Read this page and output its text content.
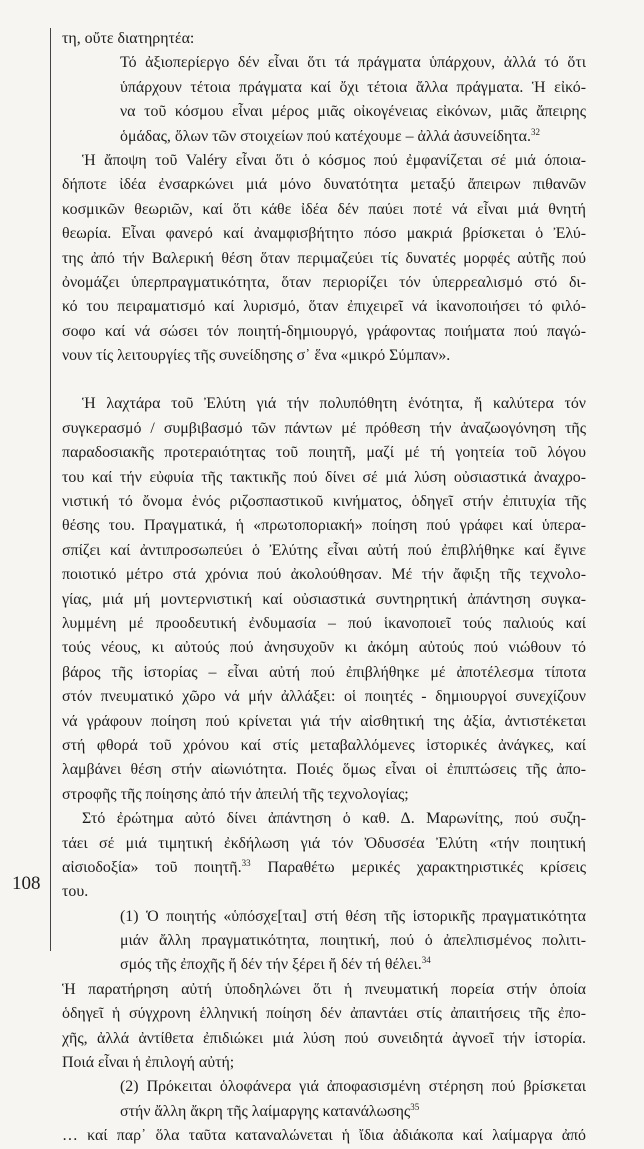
108
τη, οὔτε διατηρητέα:
Τό ἀξιοπερίεργο δέν εἶναι ὅτι τά πράγματα ὑπάρχουν, ἀλλά τό ὅτι
ὑπάρχουν τέτοια πράγματα καί ὄχι τέτοια ἄλλα πράγματα. Ἡ εἰκό-
να τοῦ κόσμου εἶναι μέρος μιᾶς οἰκογένειας εἰκόνων, μιᾶς ἄπειρης
ὁμάδας, ὅλων τῶν στοιχείων πού κατέχουμε – ἀλλά ἀσυνείδητα.$^{32}$
Ἡ ἄποψη τοῦ Valéry εἶναι ὅτι ὁ κόσμος πού ἐμφανίζεται σέ μιά όποια-
δήποτε ἰδέα ἐνσαρκώνει μιά μόνο δυνατότητα μεταξύ ἄπειρων πιθανῶν
κοσμικῶν θεωριῶν, καί ὅτι κάθε ἰδέα δέν παύει ποτέ νά εἶναι μιά θνητή
θεωρία. Εἶναι φανερό καί ἀναμφισβήτητο πόσο μακριά βρίσκεται ὁ Ἐλύ-
της ἀπό τήν Βαλερική θέση ὅταν περιμαζεύει τίς δυνατές μορφές αὐτῆς πού
ὀνομάζει ὑπερπραγματικότητα, ὅταν περιορίζει τόν ὑπερρεαλισμό στό δι-
κό του πειραματισμό καί λυρισμό, ὅταν ἐπιχειρεῖ νά ἱκανοποιήσει τό φιλό-
σοφο καί νά σώσει τόν ποιητή-δημιουργό, γράφοντας ποιήματα πού παγώ-
νουν τίς λειτουργίες τῆς συνείδησης σ᾽ ἕνα «μικρό Σύμπαν».
Ἡ λαχτάρα τοῦ Ἐλύτη γιά τήν πολυπόθητη ἑνότητα, ἤ καλύτερα τόν
συγκερασμό / συμβιβασμό τῶν πάντων μέ πρόθεση τήν ἀναζωογόνηση τῆς
παραδοσιακῆς προτεραιότητας τοῦ ποιητῆ, μαζί μέ τή γοητεία τοῦ λόγου
του καί τήν εὐφυία τῆς τακτικῆς πού δίνει σέ μιά λύση οὐσιαστικά ἀναχρο-
νιστική τό ὄνομα ἑνός ριζοσπαστικοῦ κινήματος, ὁδηγεῖ στήν ἐπιτυχία τῆς
θέσης του. Πραγματικά, ἡ «πρωτοποριακή» ποίηση πού γράφει καί ὑπερα-
σπίζει καί ἀντιπροσωπεύει ὁ Ἐλύτης εἶναι αὐτή πού ἐπιβλήθηκε καί ἔγινε
ποιοτικό μέτρο στά χρόνια πού ἀκολούθησαν. Μέ τήν ἄφιξη τῆς τεχνολο-
γίας, μιά μή μοντερνιστική καί οὐσιαστικά συντηρητική ἀπάντηση συγκα-
λυμμένη μέ προοδευτική ἐνδυμασία – πού ἱκανοποιεῖ τούς παλιούς καί
τούς νέους, κι αὐτούς πού ἀνησυχοῦν κι ἀκόμη αὐτούς πού νιώθουν τό
βάρος τῆς ἱστορίας – εἶναι αὐτή πού ἐπιβλήθηκε μέ ἀποτέλεσμα τίποτα
στόν πνευματικό χῶρο νά μήν ἀλλάξει: οἱ ποιητές - δημιουργοί συνεχίζουν
νά γράφουν ποίηση πού κρίνεται γιά τήν αἰσθητική της ἀξία, ἀντιστέκεται
στή φθορά τοῦ χρόνου καί στίς μεταβαλλόμενες ἱστορικές ἀνάγκες, καί
λαμβάνει θέση στήν αἰωνιότητα. Ποιές ὅμως εἶναι οἱ ἐπιπτώσεις τῆς ἀπο-
στροφῆς τῆς ποίησης ἀπό τήν ἀπειλή τῆς τεχνολογίας;
Στό ἐρώτημα αὐτό δίνει ἀπάντηση ὁ καθ. Δ. Μαρωνίτης, πού συζη-
τάει σέ μιά τιμητική ἐκδήλωση γιά τόν Ὀδυσσέα Ἐλύτη «τήν ποιητική
αἰσιοδοξία» τοῦ ποιητῆ.$^{33}$ Παραθέτω μερικές χαρακτηριστικές κρίσεις
του.
(1) Ὁ ποιητής «ὑπόσχε[ται] στή θέση τῆς ἱστορικῆς πραγματικότητα
μιάν ἄλλη πραγματικότητα, ποιητική, πού ὁ ἀπελπισμένος πολιτι-
σμός τῆς ἐποχῆς ἤ δέν τήν ξέρει ἤ δέν τή θέλει.$^{34}$
Ἡ παρατήρηση αὐτή ὑποδηλώνει ὅτι ἡ πνευματική πορεία στήν ὁποία
ὁδηγεῖ ἡ σύγχρονη ἑλληνική ποίηση δέν ἀπαντάει στίς ἀπαιτήσεις τῆς ἐπο-
χῆς, ἀλλά ἀντίθετα ἐπιδιώκει μιά λύση πού συνειδητά ἀγνοεῖ τήν ἱστορία.
Ποιά εἶναι ἡ ἐπιλογή αὐτή;
(2) Πρόκειται ὁλοφάνερα γιά ἀποφασισμένη στέρηση πού βρίσκεται
στήν ἄλλη ἄκρη τῆς λαίμαργης κατανάλωσης$^{35}$
… καί παρ᾽ ὅλα ταῦτα καταναλώνεται ἡ ἴδια ἀδιάκοπα καί λαίμαργα ἀπό
